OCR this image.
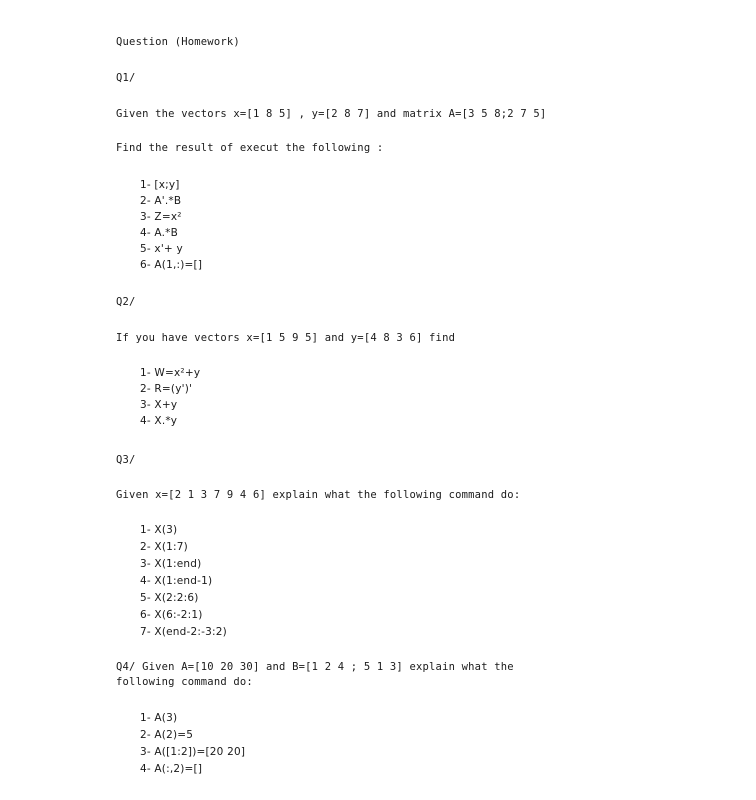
Question (Homework)
Q1/
Given the vectors x=[1 8 5] , y=[2 8 7] and matrix A=[3 5 8;2 7 5]
Find the result of execut the following :
1- [x;y]
2- A'.*B
3- Z=x²
4- A.*B
5- x'+ y
6- A(1,:)=[]
Q2/
If you have vectors x=[1 5 9 5] and y=[4 8 3 6] find
1- W=x²+y
2- R=(y')'
3- X+y
4- X.*y
Q3/
Given x=[2 1 3 7 9 4 6] explain what the following command do:
1- X(3)
2- X(1:7)
3- X(1:end)
4- X(1:end-1)
5- X(2:2:6)
6- X(6:-2:1)
7- X(end-2:-3:2)
Q4/ Given A=[10 20 30] and B=[1 2 4 ; 5 1 3] explain what the
following command do:
1- A(3)
2- A(2)=5
3- A([1:2])=[20 20]
4- A(:,2)=[]
